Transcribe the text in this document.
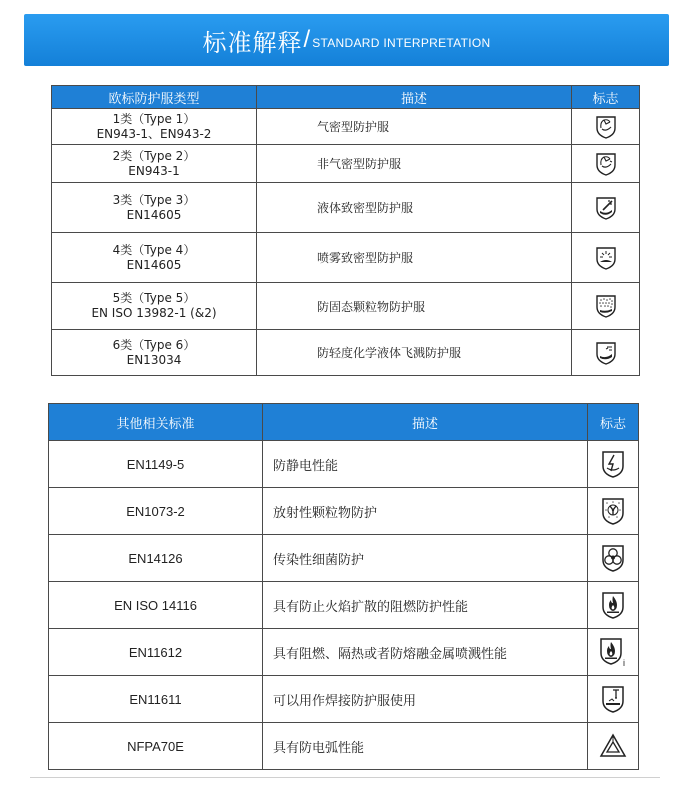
标准解释 / STANDARD INTERPRETATION
欧标防护服类型	描述	标志

1类（Type 1）
EN943-1、EN943-2	气密型防护服	

2类（Type 2）
EN943-1	非气密型防护服	

3类（Type 3）
EN14605	液体致密型防护服	

4类（Type 4）
EN14605	喷雾致密型防护服	

5类（Type 5）
EN ISO 13982-1 (&2)	防固态颗粒物防护服	

6类（Type 6）
EN13034	防轻度化学液体飞溅防护服	
其他相关标准	描述	标志
EN1149-5	防静电性能	
EN1073-2	放射性颗粒物防护	
EN14126	传染性细菌防护	
EN ISO 14116	具有防止火焰扩散的阻燃防护性能	
EN11612	具有阻燃、隔热或者防熔融金属喷溅性能	i

EN11611	可以用作焊接防护服使用	
NFPA70E	具有防电弧性能	
